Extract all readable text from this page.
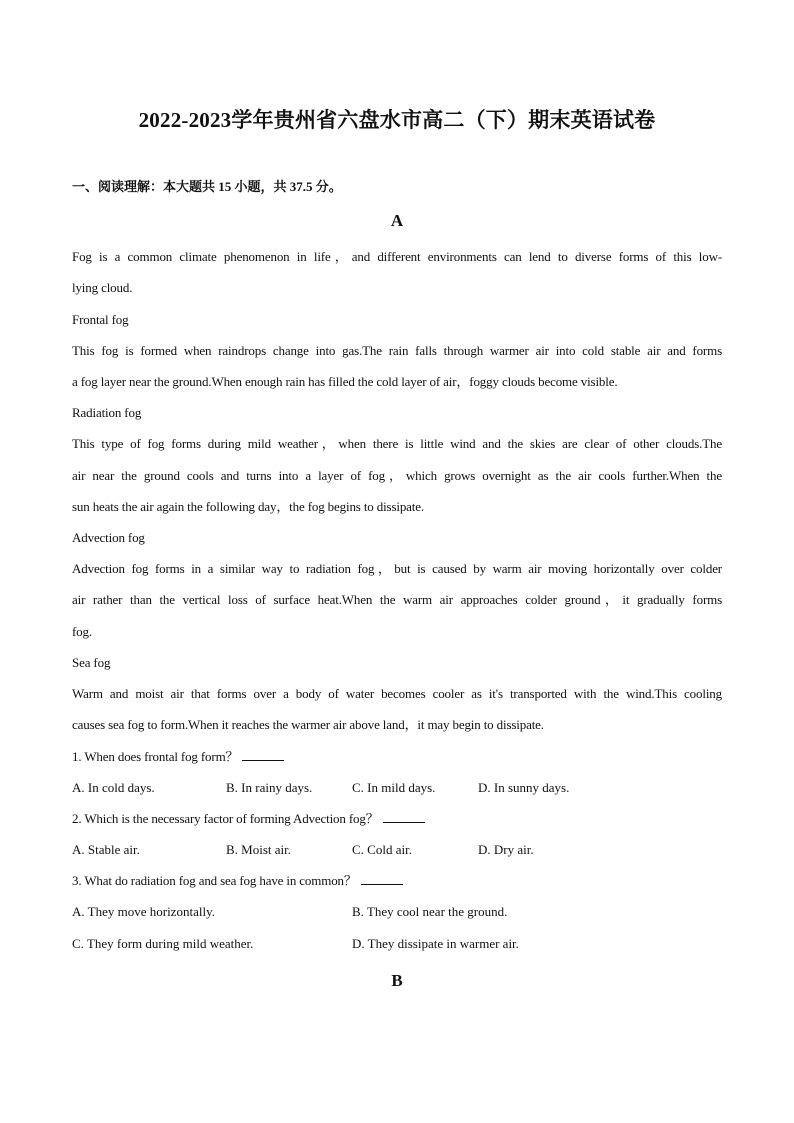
2022-2023学年贵州省六盘水市高二（下）期末英语试卷
一、阅读理解：本大题共 15 小题，共 37.5 分。
A
Fog is a common climate phenomenon in life，and different environments can lend to diverse forms of this low-
lying cloud.
Frontal fog
This fog is formed when raindrops change into gas.The rain falls through warmer air into cold stable air and forms
a fog layer near the ground.When enough rain has filled the cold layer of air，foggy clouds become visible.
Radiation fog
This type of fog forms during mild weather，when there is little wind and the skies are clear of other clouds.The
air near the ground cools and turns into a layer of fog，which grows overnight as the air cools further.When the
sun heats the air again the following day，the fog begins to dissipate.
Advection fog
Advection fog forms in a similar way to radiation fog，but is caused by warm air moving horizontally over colder
air rather than the vertical loss of surface heat.When the warm air approaches colder ground，it gradually forms
fog.
Sea fog
Warm and moist air that forms over a body of water becomes cooler as it's transported with the wind.This cooling
causes sea fog to form.When it reaches the warmer air above land，it may begin to dissipate.
1. When does frontal fog form？
A. In cold days.	B. In rainy days.	C. In mild days.	D. In sunny days.
2. Which is the necessary factor of forming Advection fog？
A. Stable air.	B. Moist air.	C. Cold air.	D. Dry air.
3. What do radiation fog and sea fog have in common？
A. They move horizontally.	B. They cool near the ground.
C. They form during mild weather.	D. They dissipate in warmer air.
B
